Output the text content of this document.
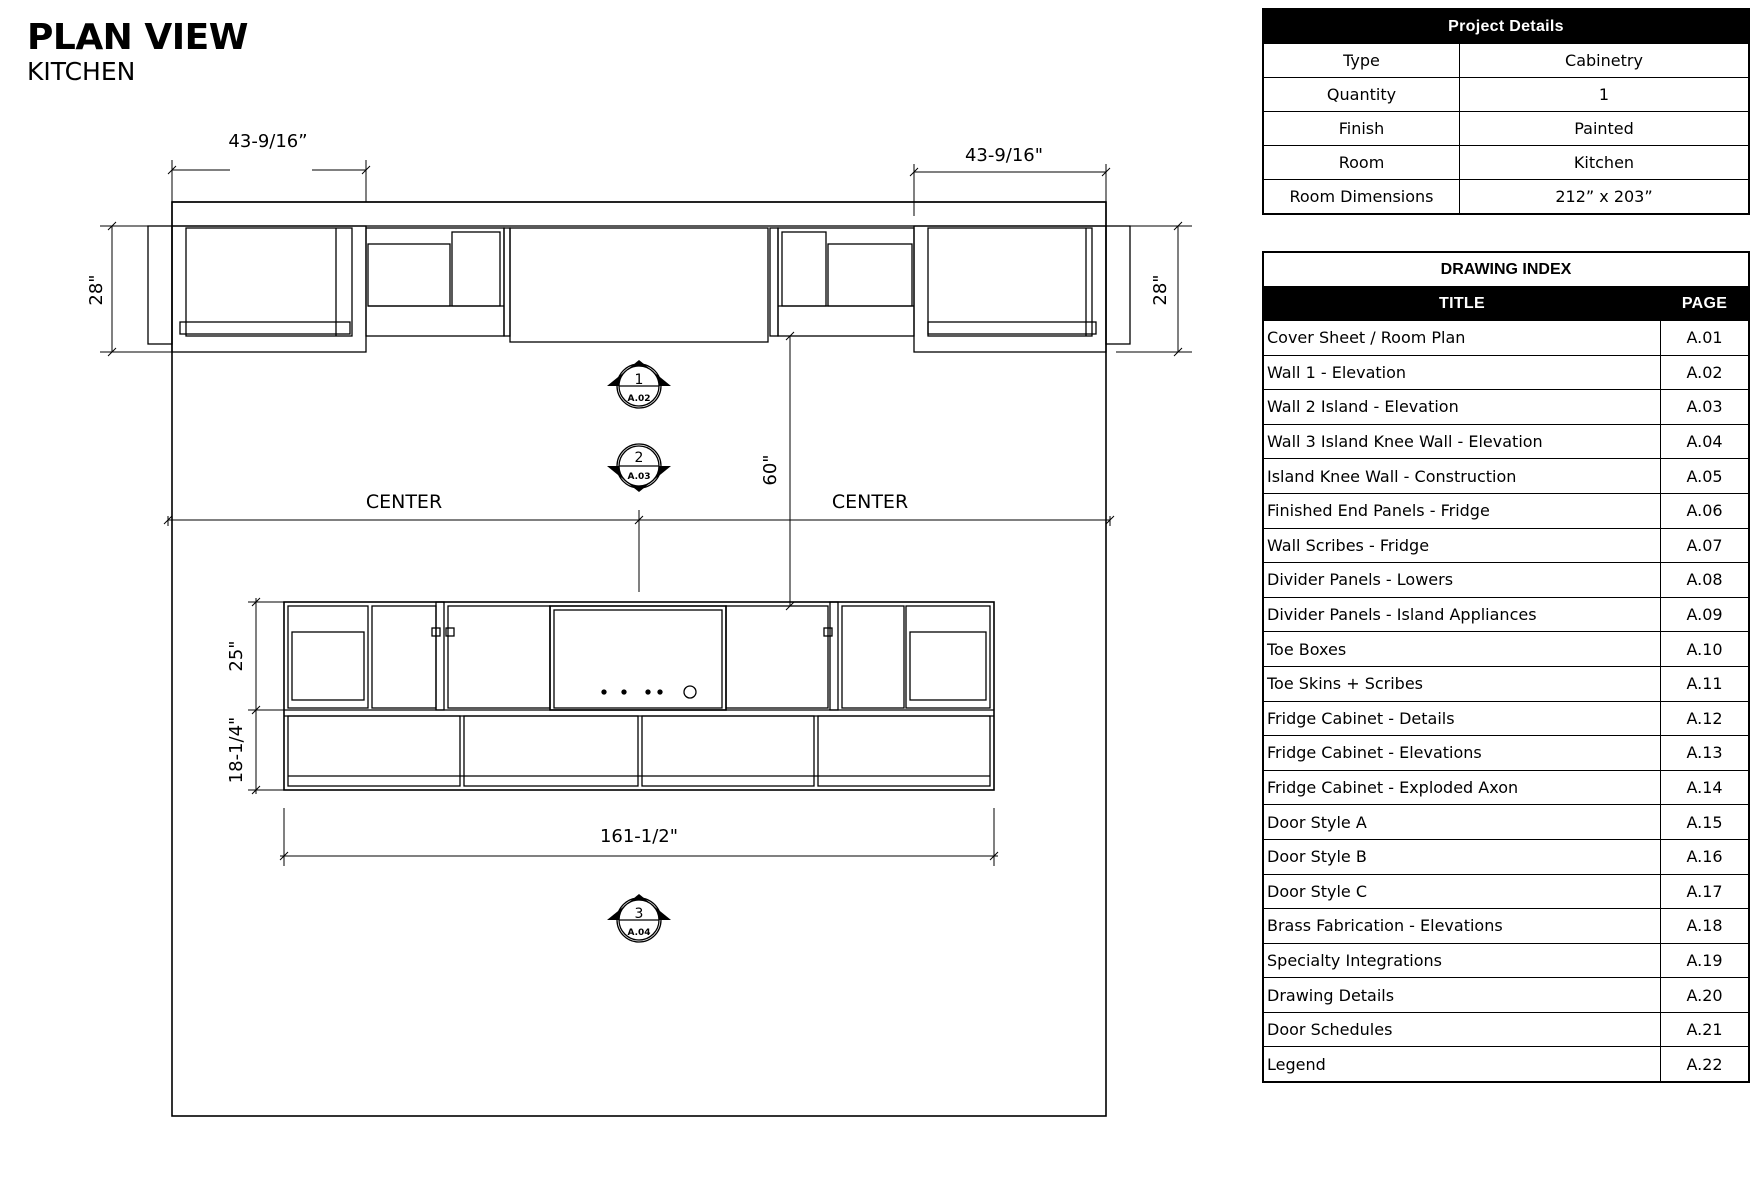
PLAN VIEW
KITCHEN
1
A.02
2
A.03
3
A.04
43-9/16”
43-9/16"
28"	28"
60"
CENTER	CENTER
25"
18-1/4"
161-1/2"
Project Details	
Type	Cabinetry
Quantity	1
Finish	Painted
Room	Kitchen
Room Dimensions	212” x 203”
DRAWING INDEX	
TITLE	PAGE
Cover Sheet / Room Plan	A.01
Wall 1 - Elevation	A.02
Wall 2 Island - Elevation	A.03
Wall 3 Island Knee Wall - Elevation	A.04
Island Knee Wall - Construction	A.05
Finished End Panels - Fridge	A.06
Wall Scribes - Fridge	A.07
Divider Panels - Lowers	A.08
Divider Panels - Island Appliances	A.09
Toe Boxes	A.10
Toe Skins + Scribes	A.11
Fridge Cabinet - Details	A.12
Fridge Cabinet - Elevations	A.13
Fridge Cabinet - Exploded Axon	A.14
Door Style A	A.15
Door Style B	A.16
Door Style C	A.17
Brass Fabrication - Elevations	A.18
Specialty Integrations	A.19
Drawing Details	A.20
Door Schedules	A.21
Legend	A.22
